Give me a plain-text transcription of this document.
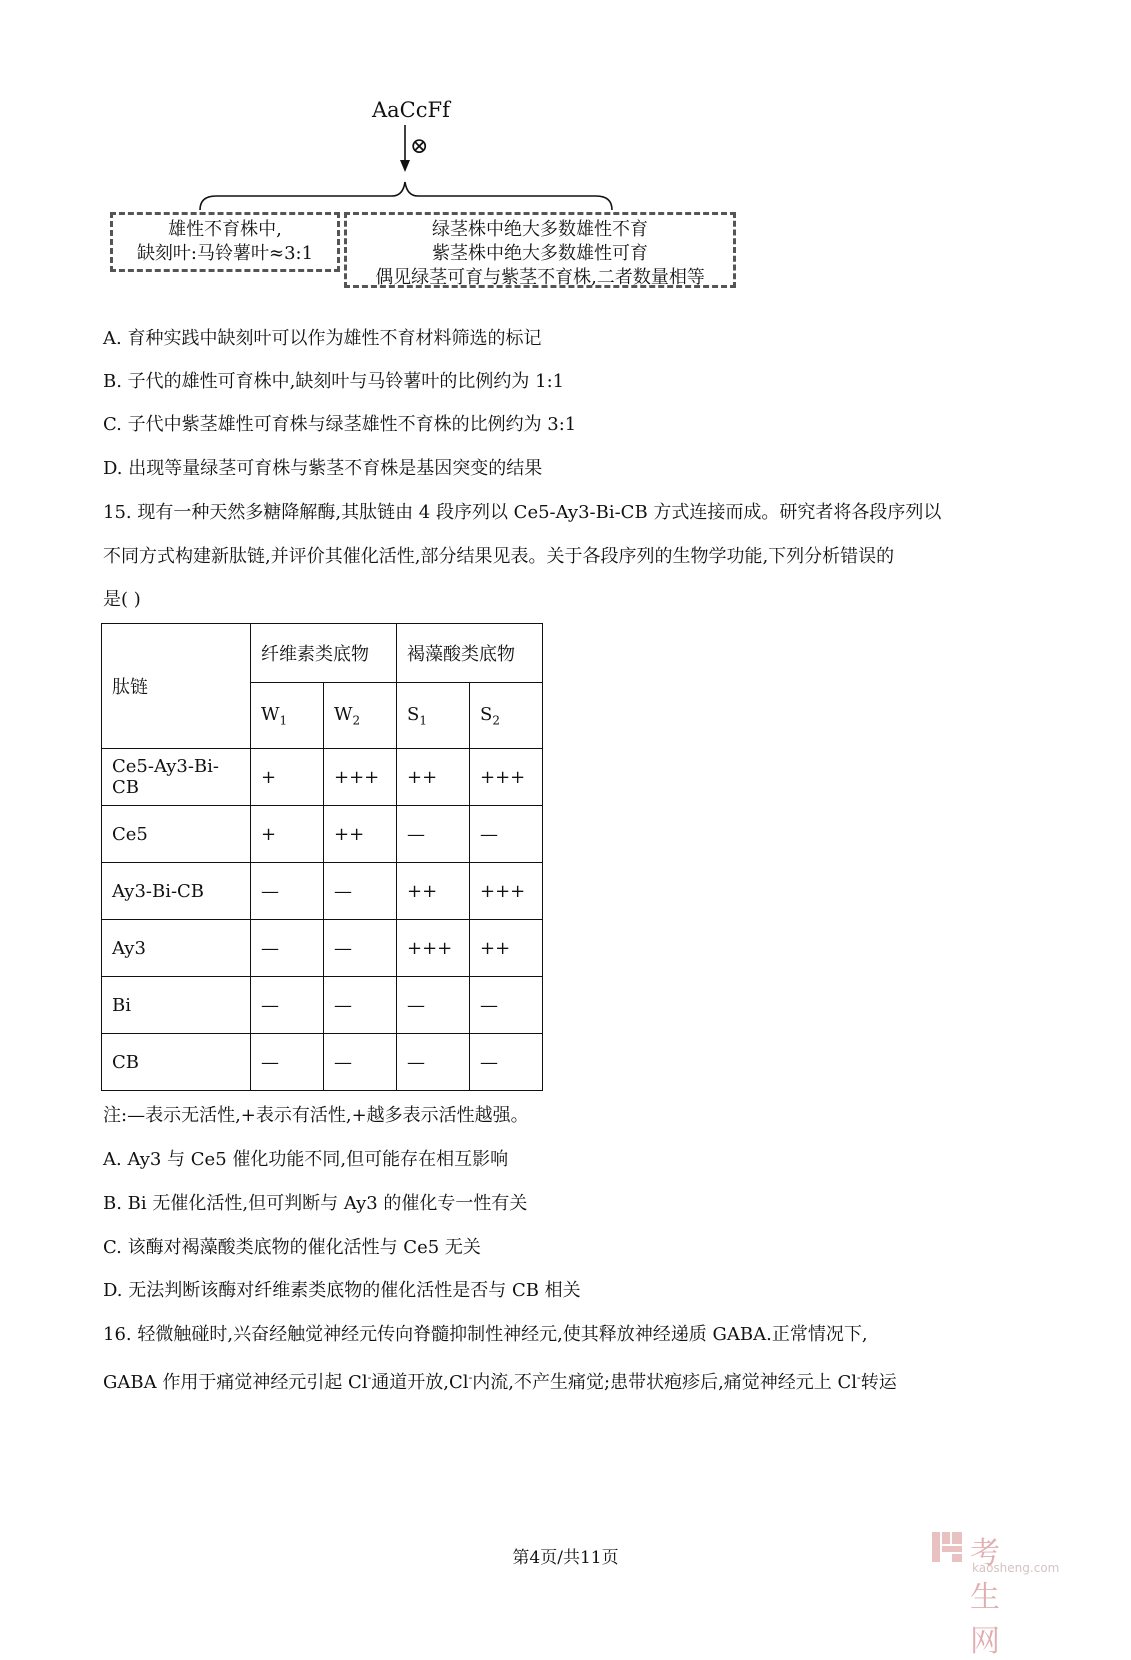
AaCcFf
⊗
雄性不育株中,
缺刻叶:马铃薯叶≈3:1
绿茎株中绝大多数雄性不育
紫茎株中绝大多数雄性可育
偶见绿茎可育与紫茎不育株,二者数量相等
A. 育种实践中缺刻叶可以作为雄性不育材料筛选的标记
B. 子代的雄性可育株中,缺刻叶与马铃薯叶的比例约为 1:1
C. 子代中紫茎雄性可育株与绿茎雄性不育株的比例约为 3:1
D. 出现等量绿茎可育株与紫茎不育株是基因突变的结果
15. 现有一种天然多糖降解酶,其肽链由 4 段序列以 Ce5-Ay3-Bi-CB 方式连接而成。研究者将各段序列以
不同方式构建新肽链,并评价其催化活性,部分结果见表。关于各段序列的生物学功能,下列分析错误的
是( )
肽链	纤维素类底物		褐藻酸类底物	
	$W_1$	$W_2$	$S_1$	$S_2$
Ce5-Ay3-Bi-CB	+	+++	++	+++
Ce5	+	++	—	—
Ay3-Bi-CB	—	—	++	+++
Ay3	—	—	+++	++
Bi	—	—	—	—
CB	—	—	—	—
注:—表示无活性,+表示有活性,+越多表示活性越强。
A. Ay3 与 Ce5 催化功能不同,但可能存在相互影响
B. Bi 无催化活性,但可判断与 Ay3 的催化专一性有关
C. 该酶对褐藻酸类底物的催化活性与 Ce5 无关
D. 无法判断该酶对纤维素类底物的催化活性是否与 CB 相关
16. 轻微触碰时,兴奋经触觉神经元传向脊髓抑制性神经元,使其释放神经递质 GABA.正常情况下,
GABA 作用于痛觉神经元引起 Cl-通道开放,Cl-内流,不产生痛觉;患带状疱疹后,痛觉神经元上 Cl-转运
第4页/共11页	考生网
kaosheng.com
